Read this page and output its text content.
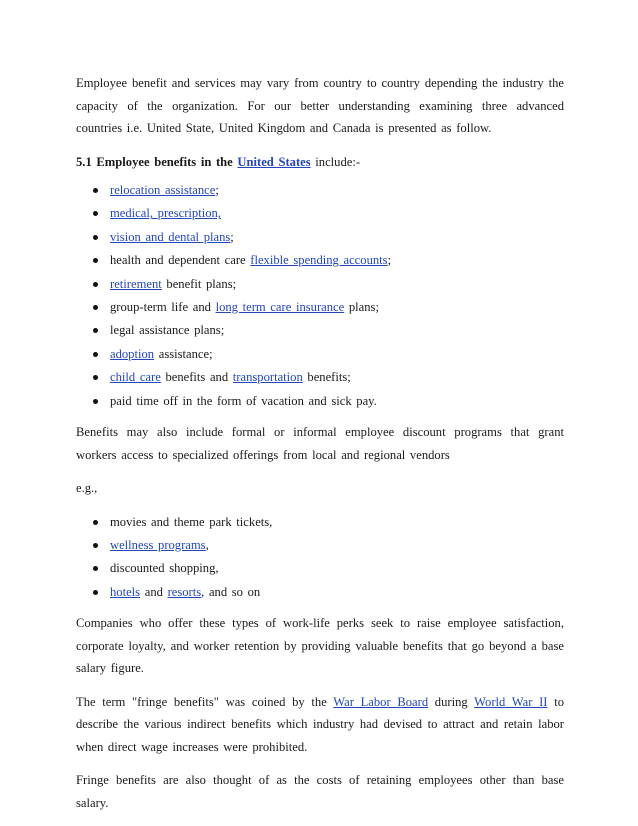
Employee benefit and services may vary from country to country depending the industry the capacity of the organization. For our better understanding examining three advanced countries i.e. United State, United Kingdom and Canada is presented as follow.

5.1 Employee benefits in the United States include:-

relocation assistance;
medical, prescription,
vision and dental plans;
health and dependent care flexible spending accounts;
retirement benefit plans;
group-term life and long term care insurance plans;
legal assistance plans;
adoption assistance;
child care benefits and transportation benefits;
paid time off in the form of vacation and sick pay.

Benefits may also include formal or informal employee discount programs that grant workers access to specialized offerings from local and regional vendors

e.g.,

movies and theme park tickets,
wellness programs,
discounted shopping,
hotels and resorts, and so on

Companies who offer these types of work-life perks seek to raise employee satisfaction, corporate loyalty, and worker retention by providing valuable benefits that go beyond a base salary figure.

The term "fringe benefits" was coined by the War Labor Board during World War II to describe the various indirect benefits which industry had devised to attract and retain labor when direct wage increases were prohibited.

Fringe benefits are also thought of as the costs of retaining employees other than base salary.
